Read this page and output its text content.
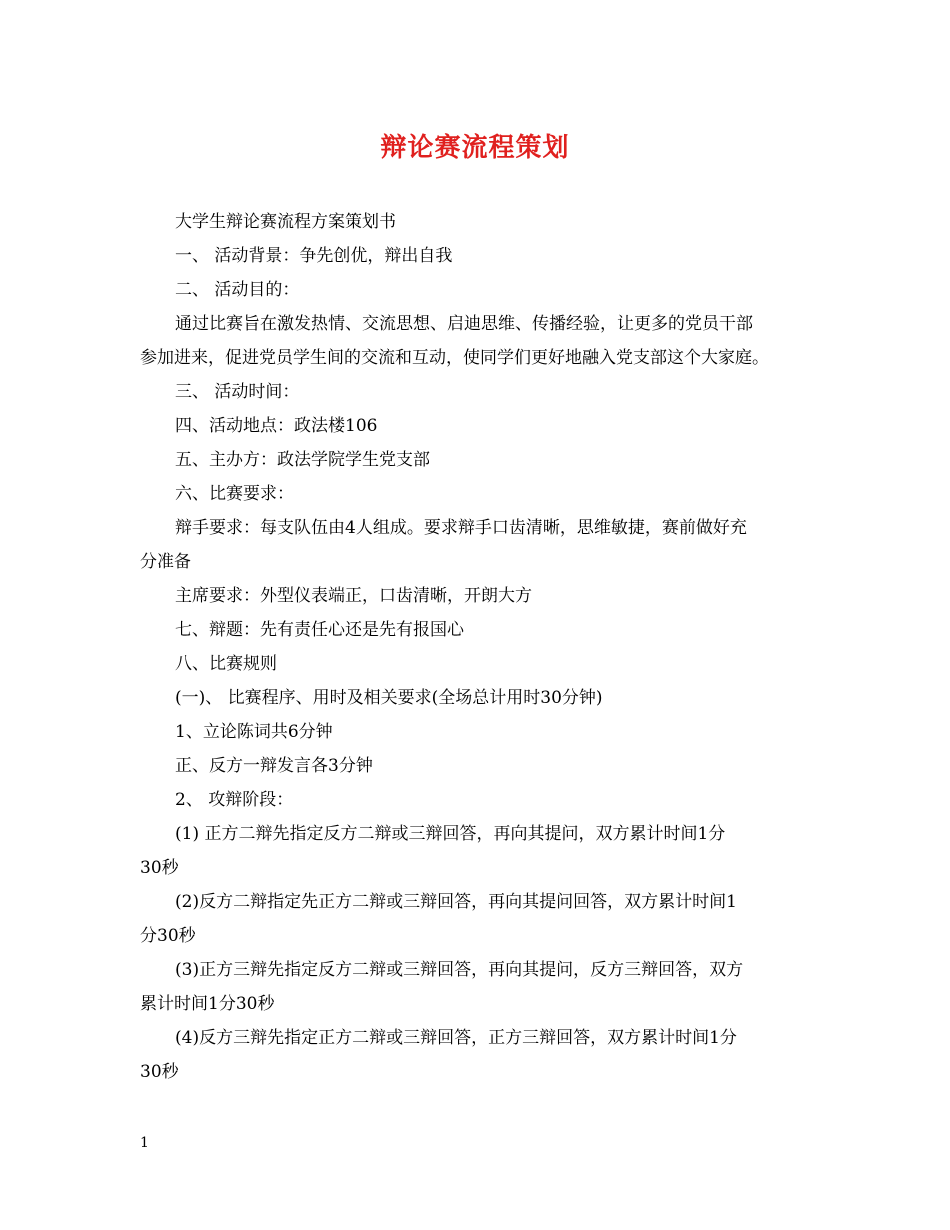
辩论赛流程策划

大学生辩论赛流程方案策划书

一、 活动背景：争先创优，辩出自我

二、 活动目的：

通过比赛旨在激发热情、交流思想、启迪思维、传播经验，让更多的党员干部

参加进来，促进党员学生间的交流和互动，使同学们更好地融入党支部这个大家庭。

三、 活动时间：

四、活动地点：政法楼106

五、主办方：政法学院学生党支部

六、比赛要求：

辩手要求：每支队伍由4人组成。要求辩手口齿清晰，思维敏捷，赛前做好充

分准备

主席要求：外型仪表端正，口齿清晰，开朗大方

七、辩题：先有责任心还是先有报国心

八、比赛规则

(一)、 比赛程序、用时及相关要求(全场总计用时30分钟)

1、立论陈词共6分钟

正、反方一辩发言各3分钟

2、 攻辩阶段：

(1) 正方二辩先指定反方二辩或三辩回答，再向其提问，双方累计时间1分

30秒

(2)反方二辩指定先正方二辩或三辩回答，再向其提问回答，双方累计时间1

分30秒

(3)正方三辩先指定反方二辩或三辩回答，再向其提问，反方三辩回答，双方

累计时间1分30秒

(4)反方三辩先指定正方二辩或三辩回答，正方三辩回答，双方累计时间1分

30秒

1
